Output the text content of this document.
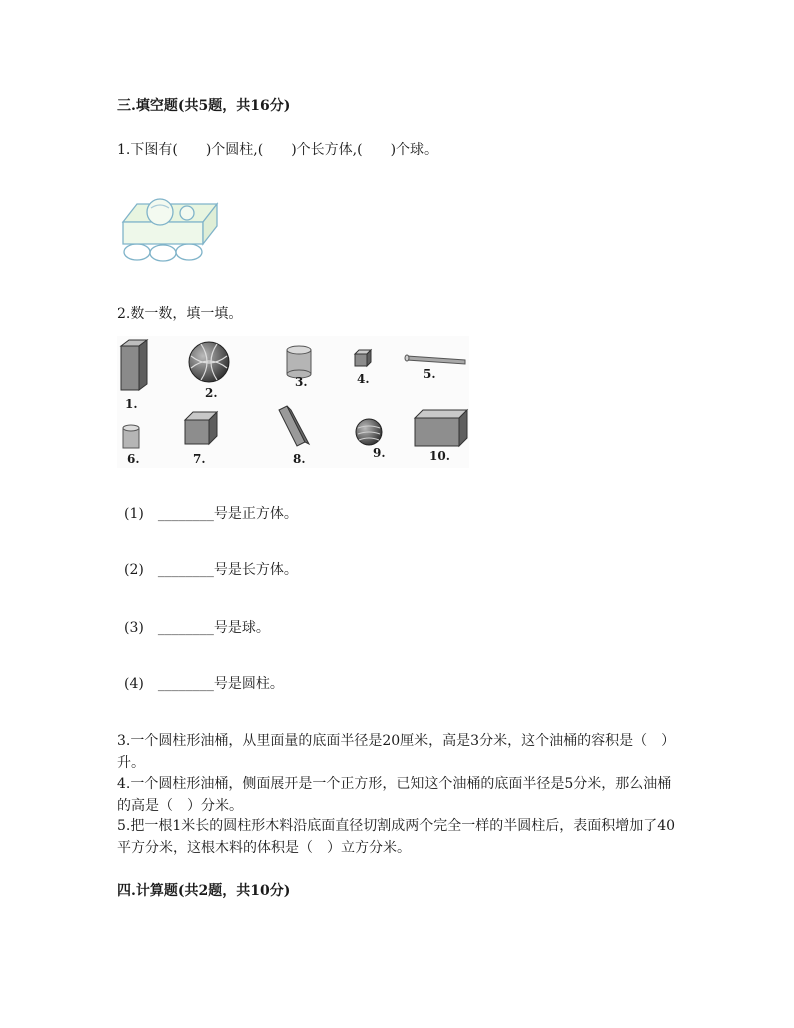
三.填空题(共5题，共16分)
1.下图有(　　)个圆柱,(　　)个长方体,(　　)个球。
2.数一数，填一填。
1.
2.
3.	4.	5.
6.	7.	8.	9.	10.
(1)　________号是正方体。
(2)　________号是长方体。
(3)　________号是球。
(4)　________号是圆柱。
3.一个圆柱形油桶，从里面量的底面半径是20厘米，高是3分米，这个油桶的容积是（　）升。
4.一个圆柱形油桶，侧面展开是一个正方形，已知这个油桶的底面半径是5分米，那么油桶的高是（　）分米。
5.把一根1米长的圆柱形木料沿底面直径切割成两个完全一样的半圆柱后，表面积增加了40平方分米，这根木料的体积是（　）立方分米。
四.计算题(共2题，共10分)
